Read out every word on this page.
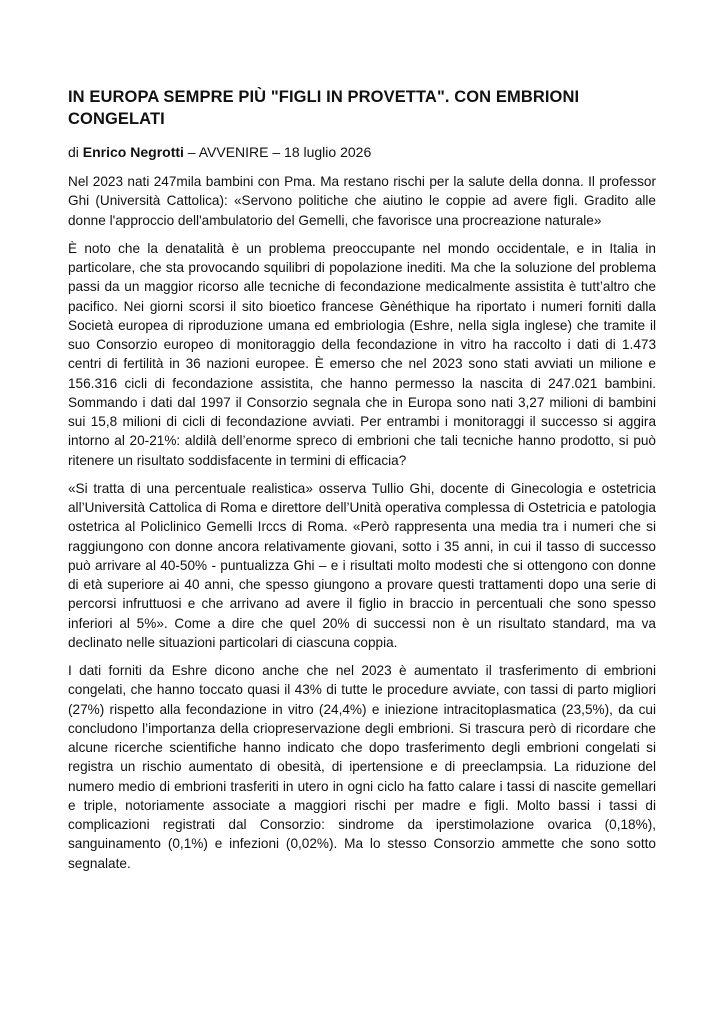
IN EUROPA SEMPRE PIÙ "FIGLI IN PROVETTA". CON EMBRIONI CONGELATI
di Enrico Negrotti – AVVENIRE – 18 luglio 2026

Nel 2023 nati 247mila bambini con Pma. Ma restano rischi per la salute della donna. Il professor Ghi (Università Cattolica): «Servono politiche che aiutino le coppie ad avere figli. Gradito alle donne l'approccio dell'ambulatorio del Gemelli, che favorisce una procreazione naturale»

È noto che la denatalità è un problema preoccupante nel mondo occidentale, e in Italia in particolare, che sta provocando squilibri di popolazione inediti. Ma che la soluzione del problema passi da un maggior ricorso alle tecniche di fecondazione medicalmente assistita è tutt’altro che pacifico. Nei giorni scorsi il sito bioetico francese Gènéthique ha riportato i numeri forniti dalla Società europea di riproduzione umana ed embriologia (Eshre, nella sigla inglese) che tramite il suo Consorzio europeo di monitoraggio della fecondazione in vitro ha raccolto i dati di 1.473 centri di fertilità in 36 nazioni europee. È emerso che nel 2023 sono stati avviati un milione e 156.316 cicli di fecondazione assistita, che hanno permesso la nascita di 247.021 bambini. Sommando i dati dal 1997 il Consorzio segnala che in Europa sono nati 3,27 milioni di bambini sui 15,8 milioni di cicli di fecondazione avviati. Per entrambi i monitoraggi il successo si aggira intorno al 20-21%: aldilà dell’enorme spreco di embrioni che tali tecniche hanno prodotto, si può ritenere un risultato soddisfacente in termini di efficacia?

«Si tratta di una percentuale realistica» osserva Tullio Ghi, docente di Ginecologia e ostetricia all’Università Cattolica di Roma e direttore dell’Unità operativa complessa di Ostetricia e patologia ostetrica al Policlinico Gemelli Irccs di Roma. «Però rappresenta una media tra i numeri che si raggiungono con donne ancora relativamente giovani, sotto i 35 anni, in cui il tasso di successo può arrivare al 40-50% - puntualizza Ghi – e i risultati molto modesti che si ottengono con donne di età superiore ai 40 anni, che spesso giungono a provare questi trattamenti dopo una serie di percorsi infruttuosi e che arrivano ad avere il figlio in braccio in percentuali che sono spesso inferiori al 5%». Come a dire che quel 20% di successi non è un risultato standard, ma va declinato nelle situazioni particolari di ciascuna coppia.

I dati forniti da Eshre dicono anche che nel 2023 è aumentato il trasferimento di embrioni congelati, che hanno toccato quasi il 43% di tutte le procedure avviate, con tassi di parto migliori (27%) rispetto alla fecondazione in vitro (24,4%) e iniezione intracitoplasmatica (23,5%), da cui concludono l’importanza della criopreservazione degli embrioni. Si trascura però di ricordare che alcune ricerche scientifiche hanno indicato che dopo trasferimento degli embrioni congelati si registra un rischio aumentato di obesità, di ipertensione e di preeclampsia. La riduzione del numero medio di embrioni trasferiti in utero in ogni ciclo ha fatto calare i tassi di nascite gemellari e triple, notoriamente associate a maggiori rischi per madre e figli. Molto bassi i tassi di complicazioni registrati dal Consorzio: sindrome da iperstimolazione ovarica (0,18%), sanguinamento (0,1%) e infezioni (0,02%). Ma lo stesso Consorzio ammette che sono sotto segnalate.
